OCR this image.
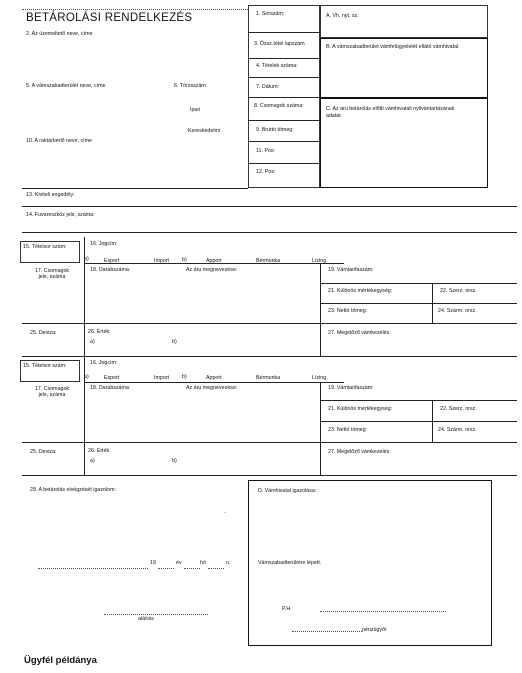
BETÁROLÁSI RENDELKEZÉS
2. Az üzemeltető neve, címe
5. A vámszabadterület neve, címe	6. Törzsszám:
Ipari
Kereskedelmi
10. A raktárbérlő neve, címe
1. Sorszám:
3. Össz.tétel lapszám
4. Tételek száma:
7. Dátum:
8. Csomagok száma:
9. Bruttó tömeg:
11. Pos:
12. Pos:
A. Vh. nyt. sz.
B. A vámszabadterület vámfelügyeletét ellátó vámhivatal:
C. Az áru betárolás előtti vámhivatali nyilvántartásának adatai:
13. Kiviteli engedély:
14. Fuvareszköz jele, száma:
15. Tételsor szám:	16. Jogcím:
a)	Export	Import b)	Apport	Bérmunka	Lízing
17. Csomagok jele, száma
18. Darabszáma:	Az áru megnevezése:	19. Vámtarifaszám:
21. Különös mértékegység:	22. Szerz. orsz.
23. Nettó tömeg:	24. Szárm. orsz.
25. Deviza:	26. Érték:
a)	b)
27. Megelőző vámkezelés:
15. Tételsor szám:	16. Jogcím:
a)	Export	Import b)	Apport	Bérmunka	Lízing
17. Csomagok jele, száma
18. Darabszáma:	Az áru megnevezése:	19. Vámtarifaszám:
21. Különös mértékegység:	22. Szerz. orsz.
23. Nettó tömeg:	24. Szárm. orsz.
25. Deviza:	26. Érték:
a)	b)
27. Megelőző vámkezelés:
28. A betárolás elvégzését igazolom:
.
19	év	hó	n.
aláírás
D. Vámhivatal igazolása:
Vámszabadterületre lépett.
P.H.
pénzügyőr
Ügyfél példánya
